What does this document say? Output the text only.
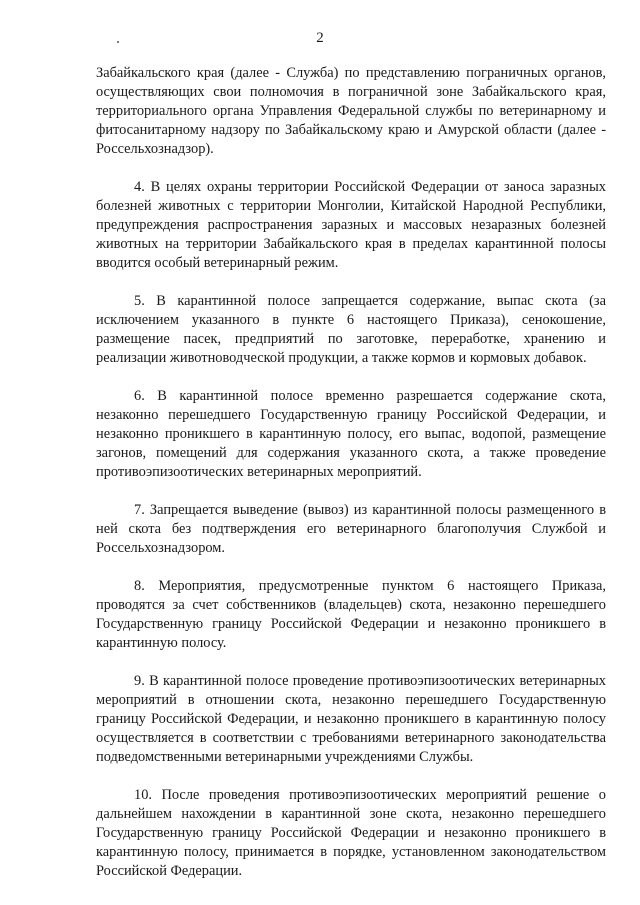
2

Забайкальского края (далее - Служба) по представлению пограничных органов, осуществляющих свои полномочия в пограничной зоне Забайкальского края, территориального органа Управления Федеральной службы по ветеринарному и фитосанитарному надзору по Забайкальскому краю и Амурской области (далее - Россельхознадзор).

4. В целях охраны территории Российской Федерации от заноса заразных болезней животных с территории Монголии, Китайской Народной Республики, предупреждения распространения заразных и массовых незаразных болезней животных на территории Забайкальского края в пределах карантинной полосы вводится особый ветеринарный режим.

5. В карантинной полосе запрещается содержание, выпас скота (за исключением указанного в пункте 6 настоящего Приказа), сенокошение, размещение пасек, предприятий по заготовке, переработке, хранению и реализации животноводческой продукции, а также кормов и кормовых добавок.

6. В карантинной полосе временно разрешается содержание скота, незаконно перешедшего Государственную границу Российской Федерации, и незаконно проникшего в карантинную полосу, его выпас, водопой, размещение загонов, помещений для содержания указанного скота, а также проведение противоэпизоотических ветеринарных мероприятий.

7. Запрещается выведение (вывоз) из карантинной полосы размещенного в ней скота без подтверждения его ветеринарного благополучия Службой и Россельхознадзором.

8. Мероприятия, предусмотренные пунктом 6 настоящего Приказа, проводятся за счет собственников (владельцев) скота, незаконно перешедшего Государственную границу Российской Федерации и незаконно проникшего в карантинную полосу.

9. В карантинной полосе проведение противоэпизоотических ветеринарных мероприятий в отношении скота, незаконно перешедшего Государственную границу Российской Федерации, и незаконно проникшего в карантинную полосу осуществляется в соответствии с требованиями ветеринарного законодательства подведомственными ветеринарными учреждениями Службы.

10. После проведения противоэпизоотических мероприятий решение о дальнейшем нахождении в карантинной зоне скота, незаконно перешедшего Государственную границу Российской Федерации и незаконно проникшего в карантинную полосу, принимается в порядке, установленном законодательством Российской Федерации.
